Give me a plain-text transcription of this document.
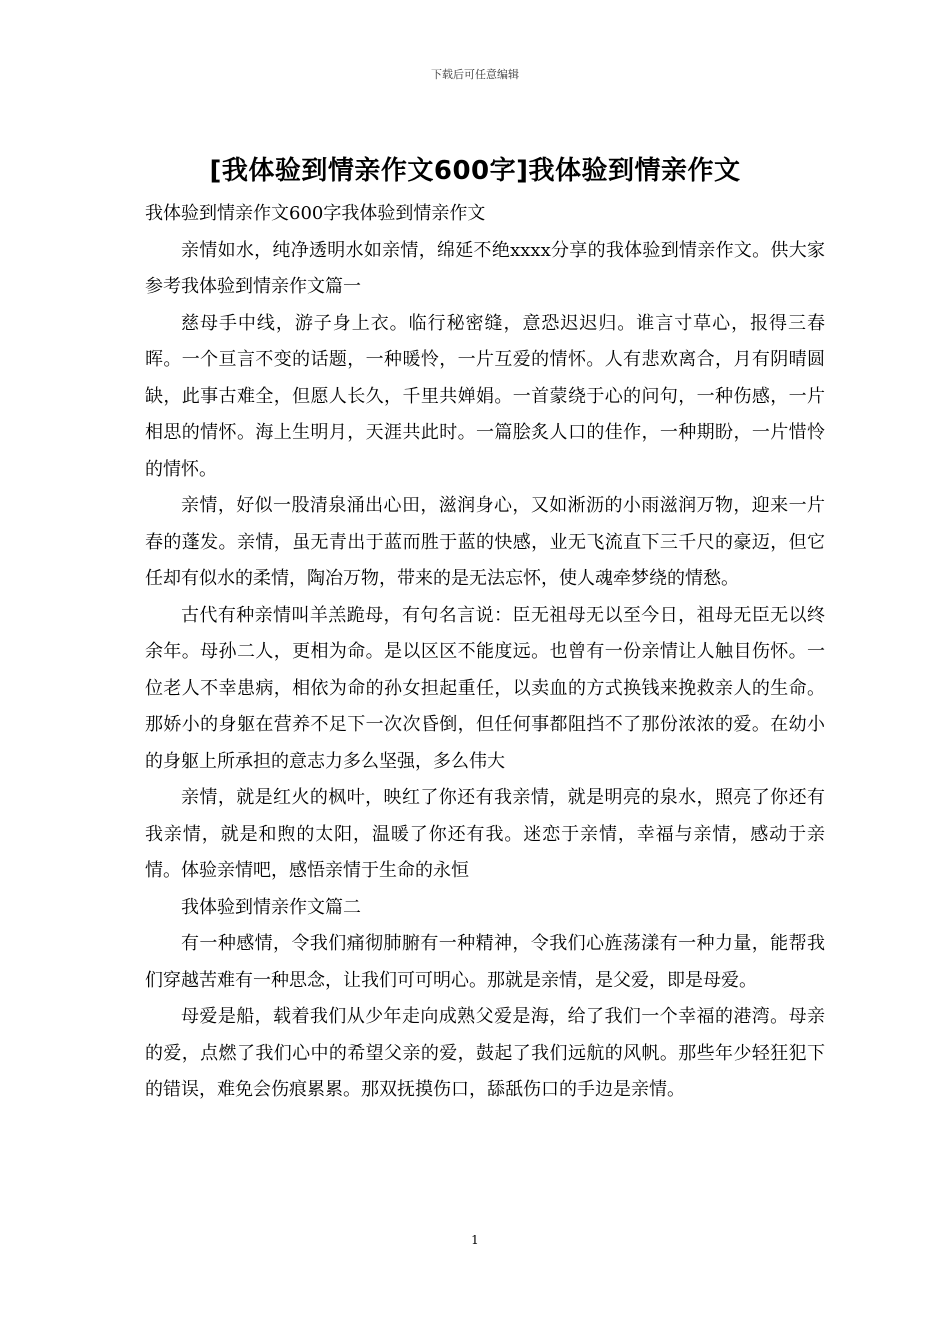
下载后可任意编辑
[我体验到情亲作文600字]我体验到情亲作文

我体验到情亲作文600字我体验到情亲作文

亲情如水，纯净透明水如亲情，绵延不绝xxxx分享的我体验到情亲作文。供大家参考我体验到情亲作文篇一

慈母手中线，游子身上衣。临行秘密缝，意恐迟迟归。谁言寸草心，报得三春晖。一个亘言不变的话题，一种暖怜，一片互爱的情怀。人有悲欢离合，月有阴晴圆缺，此事古难全，但愿人长久，千里共婵娟。一首蒙绕于心的问句，一种伤感，一片相思的情怀。海上生明月，天涯共此时。一篇脍炙人口的佳作，一种期盼，一片惜怜的情怀。

亲情，好似一股清泉涌出心田，滋润身心，又如淅沥的小雨滋润万物，迎来一片春的蓬发。亲情，虽无青出于蓝而胜于蓝的快感，业无飞流直下三千尺的豪迈，但它任却有似水的柔情，陶冶万物，带来的是无法忘怀，使人魂牵梦绕的情愁。

古代有种亲情叫羊羔跪母，有句名言说：臣无祖母无以至今日，祖母无臣无以终余年。母孙二人，更相为命。是以区区不能度远。也曾有一份亲情让人触目伤怀。一位老人不幸患病，相依为命的孙女担起重任，以卖血的方式换钱来挽救亲人的生命。那娇小的身躯在营养不足下一次次昏倒，但任何事都阻挡不了那份浓浓的爱。在幼小的身躯上所承担的意志力多么坚强，多么伟大

亲情，就是红火的枫叶，映红了你还有我亲情，就是明亮的泉水，照亮了你还有我亲情，就是和煦的太阳，温暖了你还有我。迷恋于亲情，幸福与亲情，感动于亲情。体验亲情吧，感悟亲情于生命的永恒

我体验到情亲作文篇二

有一种感情，令我们痛彻肺腑有一种精神，令我们心旌荡漾有一种力量，能帮我们穿越苦难有一种思念，让我们可可明心。那就是亲情，是父爱，即是母爱。

母爱是船，载着我们从少年走向成熟父爱是海，给了我们一个幸福的港湾。母亲的爱，点燃了我们心中的希望父亲的爱，鼓起了我们远航的风帆。那些年少轻狂犯下的错误，难免会伤痕累累。那双抚摸伤口，舔舐伤口的手边是亲情。

1
